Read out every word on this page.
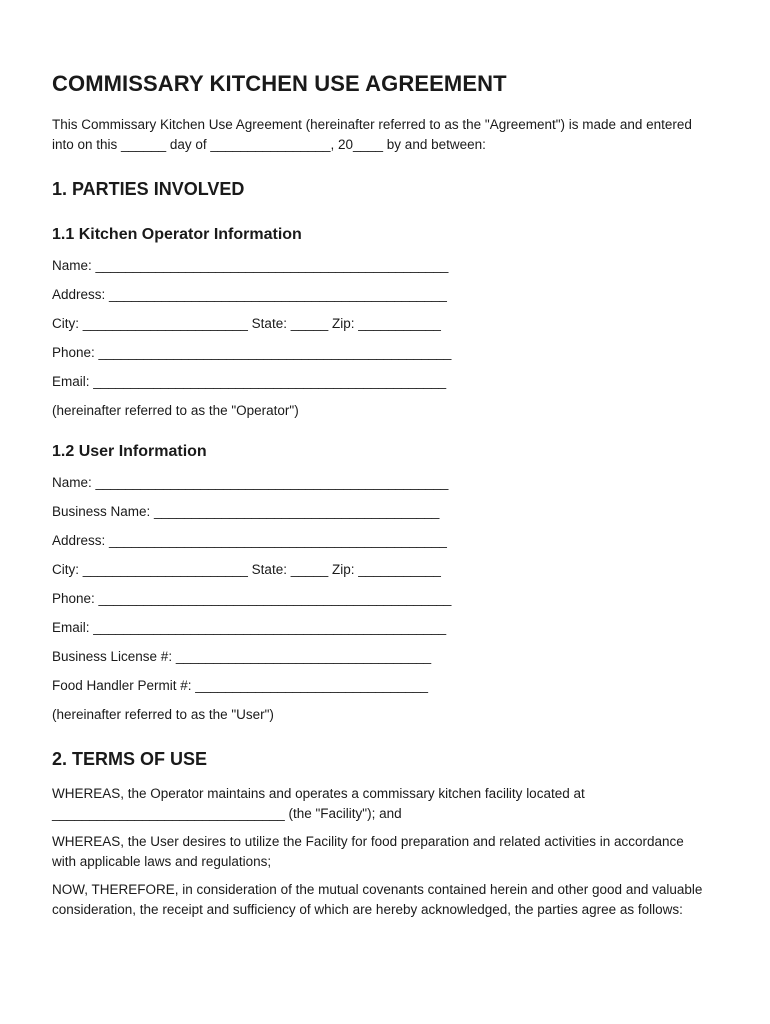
COMMISSARY KITCHEN USE AGREEMENT

This Commissary Kitchen Use Agreement (hereinafter referred to as the "Agreement") is made and entered into on this ______ day of ________________, 20____ by and between:

1. PARTIES INVOLVED
1.1 Kitchen Operator Information
Name: _______________________________________________
Address: _____________________________________________
City: ______________________ State: _____ Zip: ___________
Phone: _______________________________________________
Email: _______________________________________________
(hereinafter referred to as the "Operator")
1.2 User Information
Name: _______________________________________________
Business Name: ______________________________________
Address: _____________________________________________
City: ______________________ State: _____ Zip: ___________
Phone: _______________________________________________
Email: _______________________________________________
Business License #: __________________________________
Food Handler Permit #: _______________________________
(hereinafter referred to as the "User")
2. TERMS OF USE

WHEREAS, the Operator maintains and operates a commissary kitchen facility located at _______________________________ (the "Facility"); and

WHEREAS, the User desires to utilize the Facility for food preparation and related activities in accordance with applicable laws and regulations;

NOW, THEREFORE, in consideration of the mutual covenants contained herein and other good and valuable consideration, the receipt and sufficiency of which are hereby acknowledged, the parties agree as follows:
